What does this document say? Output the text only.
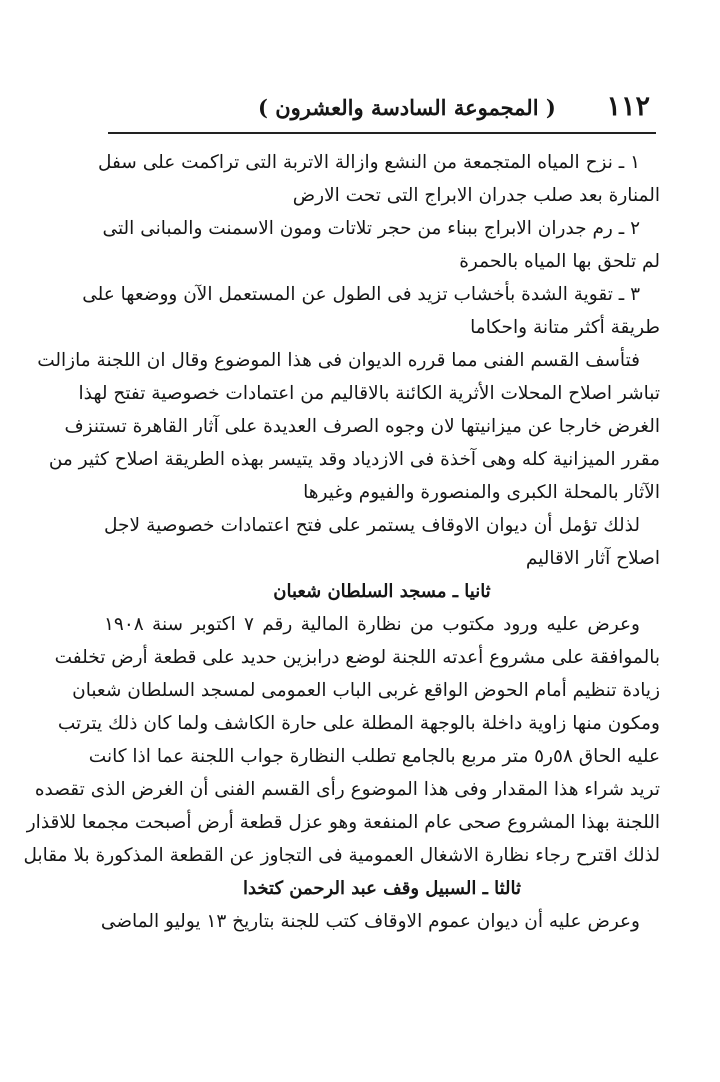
١١٢
( المجموعة السادسة والعشرون )
١ ـ نزح المياه المتجمعة من النشع وازالة الاتربة التى تراكمت على سفل
المنارة بعد صلب جدران الابراج التى تحت الارض
٢ ـ رم جدران الابراج ببناء من حجر تلاتات ومون الاسمنت والمبانى التى
لم تلحق بها المياه بالحمرة
٣ ـ تقوية الشدة بأخشاب تزيد فى الطول عن المستعمل الآن ووضعها على
طريقة أكثر متانة واحكاما
فتأسف القسم الفنى مما قرره الديوان فى هذا الموضوع وقال ان اللجنة مازالت
تباشر اصلاح المحلات الأثرية الكائنة بالاقاليم من اعتمادات خصوصية تفتح لهذا
الغرض خارجا عن ميزانيتها لان وجوه الصرف العديدة على آثار القاهرة تستنزف
مقرر الميزانية كله وهى آخذة فى الازدياد وقد يتيسر بهذه الطريقة اصلاح كثير من
الآثار بالمحلة الكبرى والمنصورة والفيوم وغيرها
لذلك تؤمل أن ديوان الاوقاف يستمر على فتح اعتمادات خصوصية لاجل
اصلاح آثار الاقاليم
ثانيا ـ مسجد السلطان شعبان
وعرض عليه ورود مكتوب من نظارة المالية رقم ٧ اكتوبر سنة ١٩٠٨
بالموافقة على مشروع أعدته اللجنة لوضع درابزين حديد على قطعة أرض تخلفت
زيادة تنظيم أمام الحوض الواقع غربى الباب العمومى لمسجد السلطان شعبان
ومكون منها زاوية داخلة بالوجهة المطلة على حارة الكاشف ولما كان ذلك يترتب
عليه الحاق ٥٨ر٥ متر مربع بالجامع تطلب النظارة جواب اللجنة عما اذا كانت
تريد شراء هذا المقدار وفى هذا الموضوع رأى القسم الفنى أن الغرض الذى تقصده
اللجنة بهذا المشروع صحى عام المنفعة وهو عزل قطعة أرض أصبحت مجمعا للاقذار
لذلك اقترح رجاء نظارة الاشغال العمومية فى التجاوز عن القطعة المذكورة بلا مقابل
ثالثا ـ السبيل وقف عبد الرحمن كتخدا
وعرض عليه أن ديوان عموم الاوقاف كتب للجنة بتاريخ ١٣ يوليو الماضى
